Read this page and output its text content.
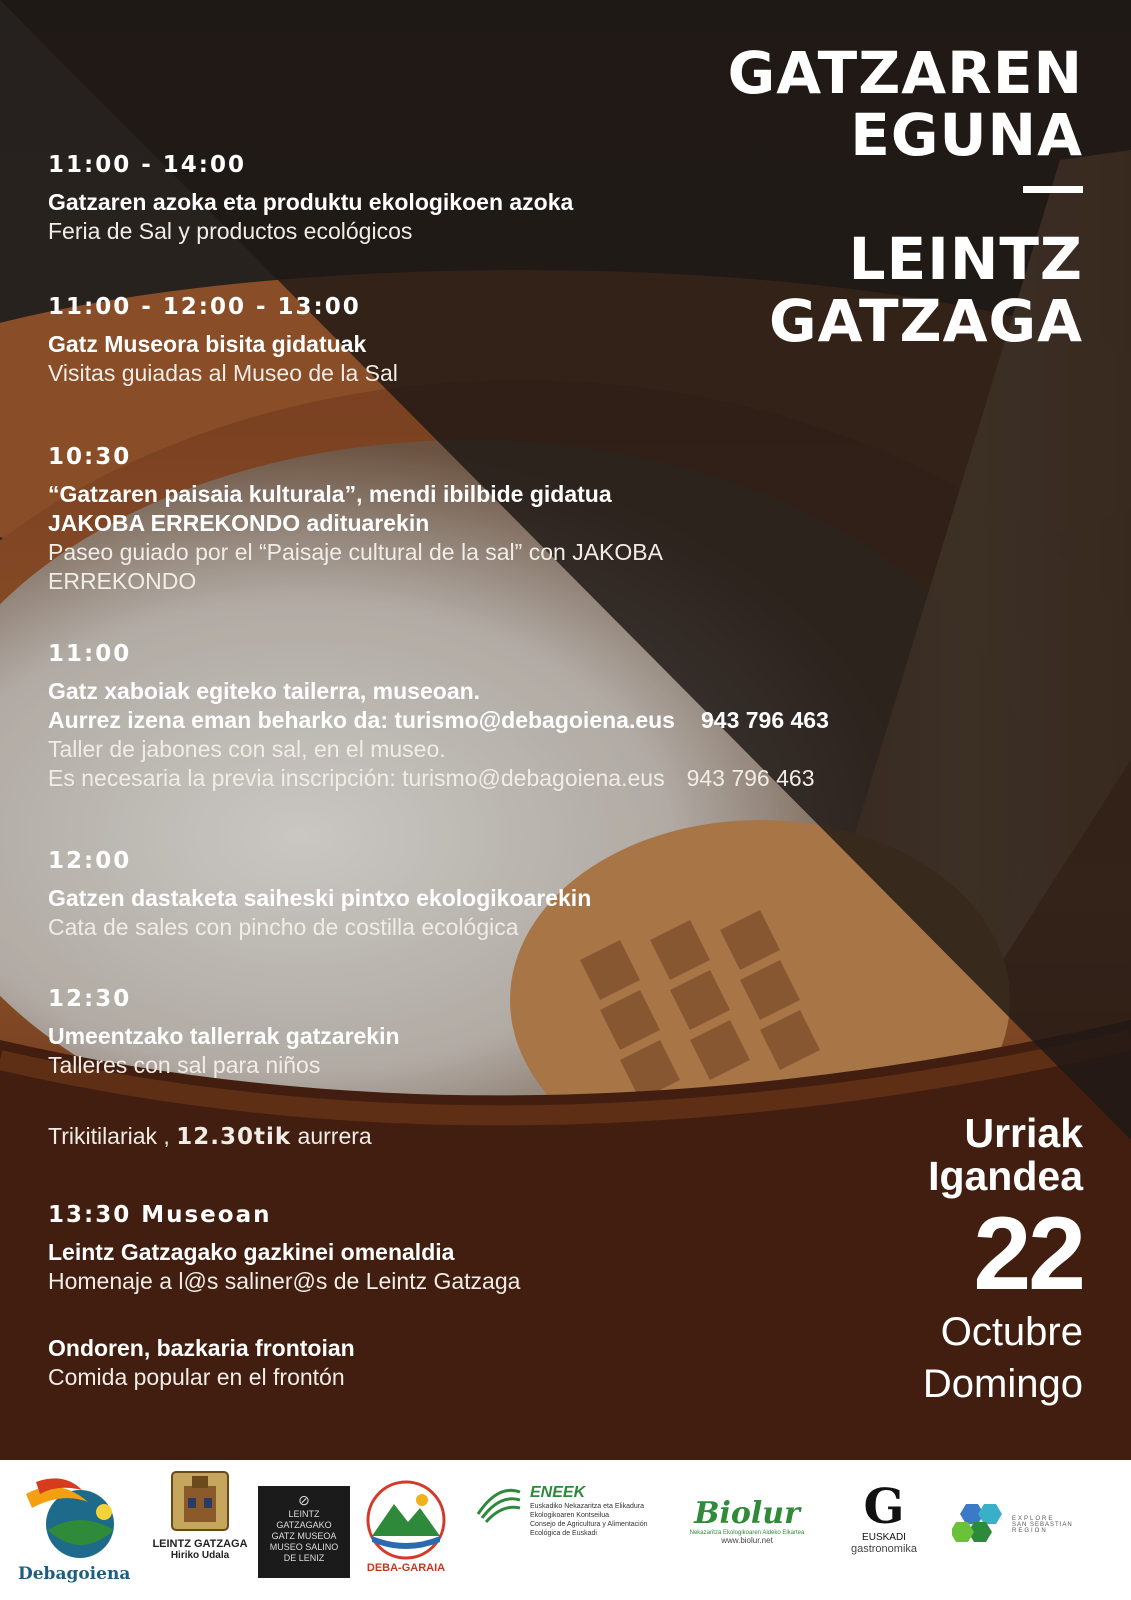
GATZAREN
EGUNA
LEINTZ
GATZAGA
11:00 - 14:00
Gatzaren azoka eta produktu ekologikoen azoka
Feria de Sal y productos ecológicos
11:00 - 12:00 - 13:00
Gatz Museora bisita gidatuak
Visitas guiadas al Museo de la Sal
10:30
“Gatzaren paisaia kulturala”, mendi ibilbide gidatua
JAKOBA ERREKONDO adituarekin
Paseo guiado por el “Paisaje cultural de la sal” con JAKOBA
ERREKONDO
11:00
Gatz xaboiak egiteko tailerra, museoan.
Aurrez izena eman beharko da: turismo@debagoiena.eus 943 796 463
Taller de jabones con sal, en el museo.
Es necesaria la previa inscripción: turismo@debagoiena.eus 943 796 463
12:00
Gatzen dastaketa saiheski pintxo ekologikoarekin
Cata de sales con pincho de costilla ecológica
12:30
Umeentzako tallerrak gatzarekin
Talleres con sal para niños
Trikitilariak , 12.30tik aurrera
13:30 Museoan
Leintz Gatzagako gazkinei omenaldia
Homenaje a l@s saliner@s de Leintz Gatzaga
Ondoren, bazkaria frontoian
Comida popular en el frontón
Urriak
Igandea
22
Octubre
Domingo
Debagoiena
LEINTZ GATZAGA
Hiriko Udala
⊘
LEINTZ
GATZAGAKO
GATZ MUSEOA
MUSEO SALINO
DE LENIZ
DEBA-GARAIA
ENEEK
Euskadiko Nekazaritza eta Elikadura
Ekologikoaren Kontseilua
Consejo de Agricultura y Alimentación
Ecológica de Euskadi
Biolur
Nekazaritza Ekologikoaren Aldeko Elkartea
www.biolur.net
G
EUSKADI
gastronomika
EXPLORE
SAN SEBASTIAN
REGION
